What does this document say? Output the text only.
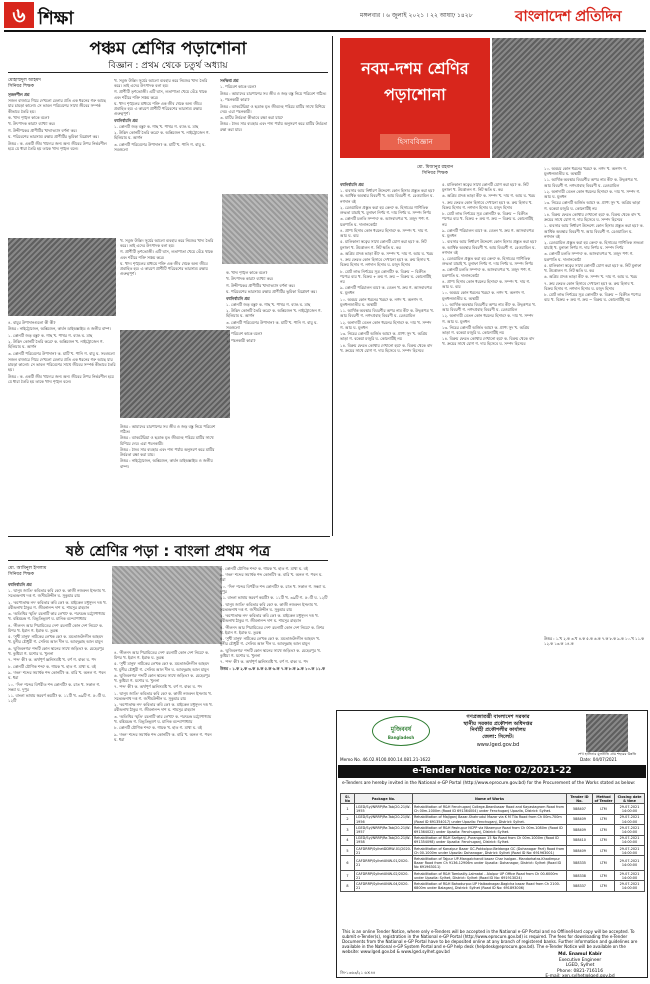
৬ শিক্ষা	মঙ্গলবার । ৬ জুলাই ২০২১ । ২২ আষাঢ় ১৪২৮	বাংলাদেশ প্রতিদিন
পঞ্চম শ্রেণির পড়াশোনা
বিজ্ঞান : প্রথম থেকে চতুর্থ অধ্যায়
মোহাম্মদুল আহমদ
সিনিয়র শিক্ষক

সৃজনশীল প্রশ্ন

সজল বাজারে গিয়ে দেখলো মেলার প্রতি এক ধরনের গরু আছে যার চামড়া কালো। সে ভাবল পরিবেশের সাথে জীবের সম্পর্ক কীভাবে তৈরি হয়।

ক. খাদ্য শৃঙ্খল কাকে বলে?

খ. উৎপাদক কারা? ব্যাখ্যা কর।

গ. উদ্দীপকের প্রাণীটির খাদ্যাভ্যাস বর্ণনা কর।

ঘ. পরিবেশের ভারসাম্য রক্ষায় প্রাণীটির ভূমিকা বিশ্লেষণ কর।

উত্তর : ক. একটি জীব খাদ্যের জন্য অন্য জীবের উপর নির্ভরশীল হয়ে যে ধারা তৈরি হয় তাকে খাদ্য শৃঙ্খল বলে।

খ. সবুজ উদ্ভিদ সূর্যের আলো ব্যবহার করে নিজের খাদ্য তৈরি করে। তাই এদের উৎপাদক বলা হয়।

গ. প্রাণীটি তৃণভোজী। এটি ঘাস, লতাপাতা খেয়ে বেঁচে থাকে এবং শরীরে শক্তি সঞ্চয় করে।

ঘ. খাদ্য শৃঙ্খলের মাধ্যমে শক্তি এক জীব থেকে অন্য জীবে প্রবাহিত হয়। এ কারণে প্রাণীটি পরিবেশের ভারসাম্য রক্ষায় গুরুত্বপূর্ণ।

বহুনির্বাচনি প্রশ্ন

১. কোনটি জড় বস্তু? ক. গাছ খ. পাথর গ. ব্যাঙ ঘ. মাছ

২. উদ্ভিদ কোনটি তৈরি করে? ক. অক্সিজেন খ. নাইট্রোজেন গ. হিলিয়াম ঘ. আর্গন

৩. কোনটি পরিবেশের উপাদান? ক. মাটি খ. পানি গ. বায়ু ঘ. সবগুলো

সংক্ষিপ্ত প্রশ্ন

১. পরিবেশ কাকে বলে?

উত্তর : আমাদের চারপাশের সব জীব ও জড় বস্তু নিয়ে পরিবেশ গঠিত।

২. পচনকারী কারা?

উত্তর : ব্যাকটেরিয়া ও ছত্রাক মৃত জীবদেহ পচিয়ে মাটির সাথে মিশিয়ে দেয়। এরা পচনকারী।

৩. মাটির উর্বরতা কীভাবে রক্ষা করা যায়?

উত্তর : জৈব সার ব্যবহার এবং শস্য পর্যায় অনুসরণ করে মাটির উর্বরতা রক্ষা করা যায়।

৪. বায়ুর উপাদানগুলো কী কী?

উত্তর : নাইট্রোজেন, অক্সিজেন, কার্বন ডাইঅক্সাইড ও জলীয় বাষ্প।

১. কোনটি জড় বস্তু? ক. গাছ খ. পাথর গ. ব্যাঙ ঘ. মাছ

২. উদ্ভিদ কোনটি তৈরি করে? ক. অক্সিজেন খ. নাইট্রোজেন গ. হিলিয়াম ঘ. আর্গন

৩. কোনটি পরিবেশের উপাদান? ক. মাটি খ. পানি গ. বায়ু ঘ. সবগুলো

সজল বাজারে গিয়ে দেখলো মেলার প্রতি এক ধরনের গরু আছে যার চামড়া কালো। সে ভাবল পরিবেশের সাথে জীবের সম্পর্ক কীভাবে তৈরি হয়।

উত্তর : ক. একটি জীব খাদ্যের জন্য অন্য জীবের উপর নির্ভরশীল হয়ে যে ধারা তৈরি হয় তাকে খাদ্য শৃঙ্খল বলে।

খ. সবুজ উদ্ভিদ সূর্যের আলো ব্যবহার করে নিজের খাদ্য তৈরি করে। তাই এদের উৎপাদক বলা হয়।

গ. প্রাণীটি তৃণভোজী। এটি ঘাস, লতাপাতা খেয়ে বেঁচে থাকে এবং শরীরে শক্তি সঞ্চয় করে।

ঘ. খাদ্য শৃঙ্খলের মাধ্যমে শক্তি এক জীব থেকে অন্য জীবে প্রবাহিত হয়। এ কারণে প্রাণীটি পরিবেশের ভারসাম্য রক্ষায় গুরুত্বপূর্ণ।

উত্তর : আমাদের চারপাশের সব জীব ও জড় বস্তু নিয়ে পরিবেশ গঠিত।

উত্তর : ব্যাকটেরিয়া ও ছত্রাক মৃত জীবদেহ পচিয়ে মাটির সাথে মিশিয়ে দেয়। এরা পচনকারী।

উত্তর : জৈব সার ব্যবহার এবং শস্য পর্যায় অনুসরণ করে মাটির উর্বরতা রক্ষা করা যায়।

উত্তর : নাইট্রোজেন, অক্সিজেন, কার্বন ডাইঅক্সাইড ও জলীয় বাষ্প।

ক. খাদ্য শৃঙ্খল কাকে বলে?

খ. উৎপাদক কারা? ব্যাখ্যা কর।

গ. উদ্দীপকের প্রাণীটির খাদ্যাভ্যাস বর্ণনা কর।

ঘ. পরিবেশের ভারসাম্য রক্ষায় প্রাণীটির ভূমিকা বিশ্লেষণ কর।

বহুনির্বাচনি প্রশ্ন

১. কোনটি জড় বস্তু? ক. গাছ খ. পাথর গ. ব্যাঙ ঘ. মাছ

২. উদ্ভিদ কোনটি তৈরি করে? ক. অক্সিজেন খ. নাইট্রোজেন গ. হিলিয়াম ঘ. আর্গন

৩. কোনটি পরিবেশের উপাদান? ক. মাটি খ. পানি গ. বায়ু ঘ. সবগুলো

১. পরিবেশ কাকে বলে?

২. পচনকারী কারা?

নবম-দশম শ্রেণির পড়াশোনা
হিসাববিজ্ঞান
মো. মিজানুর রহমান
সিনিয়র শিক্ষক

বহুনির্বাচনি প্রশ্ন

১. ব্যবসার আয় নির্ধারণ উদ্দেশ্যে কোন হিসাব প্রস্তুত করা হয়? ক. আর্থিক অবস্থার বিবরণী খ. আয় বিবরণী গ. রেওয়ামিল ঘ. নগদান বই

২. রেওয়ামিল প্রস্তুত করা হয় কেন? ক. হিসাবের গাণিতিক শুদ্ধতা যাচাই খ. মুনাফা নির্ণয় গ. দায় নির্ণয় ঘ. সম্পদ নির্ণয়

৩. কোনটি চলতি সম্পদ? ক. আসবাবপত্র খ. মজুদ পণ্য গ. যন্ত্রপাতি ঘ. দালানকোঠা

৪. প্রাপ্য হিসাব কোন ধরনের হিসাব? ক. সম্পদ খ. দায় গ. আয় ঘ. ব্যয়

৫. মালিকানা স্বত্বের সাথে কোনটি যোগ করা হয়? ক. নিট মুনাফা খ. উত্তোলন গ. নিট ক্ষতি ঘ. কর

৬. অগ্রিম প্রদত্ত ভাড়া কী? ক. সম্পদ খ. দায় গ. আয় ঘ. খরচ

৭. ক্রয় ফেরত কোন হিসাবে দেখানো হয়? ক. ক্রয় হিসাব খ. বিক্রয় হিসাব গ. নগদান হিসাব ঘ. মজুদ হিসাব

৮. মোট লাভ নির্ণয়ের সূত্র কোনটি? ক. বিক্রয় − বিক্রীত পণ্যের ব্যয় খ. বিক্রয় + ক্রয় গ. ক্রয় − বিক্রয় ঘ. কোনোটিই নয়

৯. কোনটি পরিচালন ব্যয়? ক. বেতন খ. ক্রয় গ. আসবাবপত্র ঘ. মূলধন

১০. অবচয় কোন ধরনের খরচ? ক. নগদ খ. অনগদ গ. মূলধনজাতীয় ঘ. অস্থায়ী

১১. আর্থিক অবস্থার বিবরণীর অপর নাম কী? ক. উদ্বৃত্তপত্র খ. আয় বিবরণী গ. নগদপ্রবাহ বিবরণী ঘ. রেওয়ামিল

১২. অনাদায়ী বেতন কোন ধরনের হিসাব? ক. দায় খ. সম্পদ গ. আয় ঘ. মূলধন

১৩. নিচের কোনটি অর্জিত আয়? ক. প্রাপ্য সুদ খ. অগ্রিম ভাড়া গ. বকেয়া মজুরি ঘ. কোনোটিই নয়

১৪. বিক্রয় ফেরত কোথায় দেখানো হয়? ক. বিক্রয় থেকে বাদ খ. ক্রয়ের সাথে যোগ গ. দায় হিসেবে ঘ. সম্পদ হিসেবে

৫. মালিকানা স্বত্বের সাথে কোনটি যোগ করা হয়? ক. নিট মুনাফা খ. উত্তোলন গ. নিট ক্ষতি ঘ. কর

৬. অগ্রিম প্রদত্ত ভাড়া কী? ক. সম্পদ খ. দায় গ. আয় ঘ. খরচ

৭. ক্রয় ফেরত কোন হিসাবে দেখানো হয়? ক. ক্রয় হিসাব খ. বিক্রয় হিসাব গ. নগদান হিসাব ঘ. মজুদ হিসাব

৮. মোট লাভ নির্ণয়ের সূত্র কোনটি? ক. বিক্রয় − বিক্রীত পণ্যের ব্যয় খ. বিক্রয় + ক্রয় গ. ক্রয় − বিক্রয় ঘ. কোনোটিই নয়

৯. কোনটি পরিচালন ব্যয়? ক. বেতন খ. ক্রয় গ. আসবাবপত্র ঘ. মূলধন

১. ব্যবসার আয় নির্ধারণ উদ্দেশ্যে কোন হিসাব প্রস্তুত করা হয়? ক. আর্থিক অবস্থার বিবরণী খ. আয় বিবরণী গ. রেওয়ামিল ঘ. নগদান বই

২. রেওয়ামিল প্রস্তুত করা হয় কেন? ক. হিসাবের গাণিতিক শুদ্ধতা যাচাই খ. মুনাফা নির্ণয় গ. দায় নির্ণয় ঘ. সম্পদ নির্ণয়

৩. কোনটি চলতি সম্পদ? ক. আসবাবপত্র খ. মজুদ পণ্য গ. যন্ত্রপাতি ঘ. দালানকোঠা

৪. প্রাপ্য হিসাব কোন ধরনের হিসাব? ক. সম্পদ খ. দায় গ. আয় ঘ. ব্যয়

১০. অবচয় কোন ধরনের খরচ? ক. নগদ খ. অনগদ গ. মূলধনজাতীয় ঘ. অস্থায়ী

১১. আর্থিক অবস্থার বিবরণীর অপর নাম কী? ক. উদ্বৃত্তপত্র খ. আয় বিবরণী গ. নগদপ্রবাহ বিবরণী ঘ. রেওয়ামিল

১২. অনাদায়ী বেতন কোন ধরনের হিসাব? ক. দায় খ. সম্পদ গ. আয় ঘ. মূলধন

১৩. নিচের কোনটি অর্জিত আয়? ক. প্রাপ্য সুদ খ. অগ্রিম ভাড়া গ. বকেয়া মজুরি ঘ. কোনোটিই নয়

১৪. বিক্রয় ফেরত কোথায় দেখানো হয়? ক. বিক্রয় থেকে বাদ খ. ক্রয়ের সাথে যোগ গ. দায় হিসেবে ঘ. সম্পদ হিসেবে

১০. অবচয় কোন ধরনের খরচ? ক. নগদ খ. অনগদ গ. মূলধনজাতীয় ঘ. অস্থায়ী

১১. আর্থিক অবস্থার বিবরণীর অপর নাম কী? ক. উদ্বৃত্তপত্র খ. আয় বিবরণী গ. নগদপ্রবাহ বিবরণী ঘ. রেওয়ামিল

১২. অনাদায়ী বেতন কোন ধরনের হিসাব? ক. দায় খ. সম্পদ গ. আয় ঘ. মূলধন

১৩. নিচের কোনটি অর্জিত আয়? ক. প্রাপ্য সুদ খ. অগ্রিম ভাড়া গ. বকেয়া মজুরি ঘ. কোনোটিই নয়

১৪. বিক্রয় ফেরত কোথায় দেখানো হয়? ক. বিক্রয় থেকে বাদ খ. ক্রয়ের সাথে যোগ গ. দায় হিসেবে ঘ. সম্পদ হিসেবে

১. ব্যবসার আয় নির্ধারণ উদ্দেশ্যে কোন হিসাব প্রস্তুত করা হয়? ক. আর্থিক অবস্থার বিবরণী খ. আয় বিবরণী গ. রেওয়ামিল ঘ. নগদান বই

২. রেওয়ামিল প্রস্তুত করা হয় কেন? ক. হিসাবের গাণিতিক শুদ্ধতা যাচাই খ. মুনাফা নির্ণয় গ. দায় নির্ণয় ঘ. সম্পদ নির্ণয়

৩. কোনটি চলতি সম্পদ? ক. আসবাবপত্র খ. মজুদ পণ্য গ. যন্ত্রপাতি ঘ. দালানকোঠা

৫. মালিকানা স্বত্বের সাথে কোনটি যোগ করা হয়? ক. নিট মুনাফা খ. উত্তোলন গ. নিট ক্ষতি ঘ. কর

৬. অগ্রিম প্রদত্ত ভাড়া কী? ক. সম্পদ খ. দায় গ. আয় ঘ. খরচ

৭. ক্রয় ফেরত কোন হিসাবে দেখানো হয়? ক. ক্রয় হিসাব খ. বিক্রয় হিসাব গ. নগদান হিসাব ঘ. মজুদ হিসাব

৮. মোট লাভ নির্ণয়ের সূত্র কোনটি? ক. বিক্রয় − বিক্রীত পণ্যের ব্যয় খ. বিক্রয় + ক্রয় গ. ক্রয় − বিক্রয় ঘ. কোনোটিই নয়

উত্তর : ১.খ ২.ক ৩.খ ৪.ক ৫.ক ৬.ক ৭.ক ৮.ক ৯.ক ১০.খ ১১.ক ১২.ক ১৩.ক ১৪.ক
ষষ্ঠ শ্রেণির পড়া : বাংলা প্রথম পত্র
মো. আমিনুল ইসলাম
সিনিয়র শিক্ষক

বহুনির্বাচনি প্রশ্ন

১. 'মানুষ জাতি' কবিতার কবি কে? ক. কাজী নজরুল ইসলাম খ. সত্যেন্দ্রনাথ দত্ত গ. জসীমউদ্দীন ঘ. সুকুমার রায়

২. 'কপোতাক্ষ নদ' কবিতার কবি কে? ক. মাইকেল মধুসূদন দত্ত খ. রবীন্দ্রনাথ ঠাকুর গ. জীবনানন্দ দাশ ঘ. শামসুর রাহমান

৩. 'অতিথির স্মৃতি' রচনাটি কার লেখা? ক. শরৎচন্দ্র চট্টোপাধ্যায় খ. বঙ্কিমচন্দ্র গ. বিভূতিভূষণ ঘ. মানিক বন্দ্যোপাধ্যায়

৪. 'নীলনদ আর পিরামিডের দেশ' রচনাটি কোন দেশ নিয়ে? ক. মিশর খ. ইরান গ. ইরাক ঘ. তুরস্ক

৫. 'সুখী মানুষ' নাটকের লেখক কে? ক. মমতাজউদদীন আহমদ খ. মুনীর চৌধুরী গ. সেলিম আল দীন ঘ. আবদুল্লাহ আল মামুন

৬. 'মুজিবনগর' শব্দটি কোন স্থানের সাথে জড়িত? ক. মেহেরপুর খ. কুষ্টিয়া গ. যশোর ঘ. খুলনা

৭. 'শব্দ' কী? ক. অর্থপূর্ণ ধ্বনিসমষ্টি খ. বর্ণ গ. বাক্য ঘ. পদ

৮. কোনটি যৌগিক শব্দ? ক. গায়ক খ. হাত গ. মাথা ঘ. বই

৯. 'জল' শব্দের সমার্থক শব্দ কোনটি? ক. বারি খ. অনল গ. পবন ঘ. ধরা

১০. 'দিন' শব্দের বিপরীত শব্দ কোনটি? ক. রাত খ. সকাল গ. সন্ধ্যা ঘ. দুপুর

১১. বাংলা ভাষায় স্বরবর্ণ কয়টি? ক. ১১টি খ. ৩৯টি গ. ৫০টি ঘ. ১২টি

৪. 'নীলনদ আর পিরামিডের দেশ' রচনাটি কোন দেশ নিয়ে? ক. মিশর খ. ইরান গ. ইরাক ঘ. তুরস্ক

৫. 'সুখী মানুষ' নাটকের লেখক কে? ক. মমতাজউদদীন আহমদ খ. মুনীর চৌধুরী গ. সেলিম আল দীন ঘ. আবদুল্লাহ আল মামুন

৬. 'মুজিবনগর' শব্দটি কোন স্থানের সাথে জড়িত? ক. মেহেরপুর খ. কুষ্টিয়া গ. যশোর ঘ. খুলনা

৭. 'শব্দ' কী? ক. অর্থপূর্ণ ধ্বনিসমষ্টি খ. বর্ণ গ. বাক্য ঘ. পদ

১. 'মানুষ জাতি' কবিতার কবি কে? ক. কাজী নজরুল ইসলাম খ. সত্যেন্দ্রনাথ দত্ত গ. জসীমউদ্দীন ঘ. সুকুমার রায়

২. 'কপোতাক্ষ নদ' কবিতার কবি কে? ক. মাইকেল মধুসূদন দত্ত খ. রবীন্দ্রনাথ ঠাকুর গ. জীবনানন্দ দাশ ঘ. শামসুর রাহমান

৩. 'অতিথির স্মৃতি' রচনাটি কার লেখা? ক. শরৎচন্দ্র চট্টোপাধ্যায় খ. বঙ্কিমচন্দ্র গ. বিভূতিভূষণ ঘ. মানিক বন্দ্যোপাধ্যায়

৮. কোনটি যৌগিক শব্দ? ক. গায়ক খ. হাত গ. মাথা ঘ. বই

৯. 'জল' শব্দের সমার্থক শব্দ কোনটি? ক. বারি খ. অনল গ. পবন ঘ. ধরা

৮. কোনটি যৌগিক শব্দ? ক. গায়ক খ. হাত গ. মাথা ঘ. বই

৯. 'জল' শব্দের সমার্থক শব্দ কোনটি? ক. বারি খ. অনল গ. পবন ঘ. ধরা

১০. 'দিন' শব্দের বিপরীত শব্দ কোনটি? ক. রাত খ. সকাল গ. সন্ধ্যা ঘ. দুপুর

১১. বাংলা ভাষায় স্বরবর্ণ কয়টি? ক. ১১টি খ. ৩৯টি গ. ৫০টি ঘ. ১২টি

১. 'মানুষ জাতি' কবিতার কবি কে? ক. কাজী নজরুল ইসলাম খ. সত্যেন্দ্রনাথ দত্ত গ. জসীমউদ্দীন ঘ. সুকুমার রায়

২. 'কপোতাক্ষ নদ' কবিতার কবি কে? ক. মাইকেল মধুসূদন দত্ত খ. রবীন্দ্রনাথ ঠাকুর গ. জীবনানন্দ দাশ ঘ. শামসুর রাহমান

৪. 'নীলনদ আর পিরামিডের দেশ' রচনাটি কোন দেশ নিয়ে? ক. মিশর খ. ইরান গ. ইরাক ঘ. তুরস্ক

৫. 'সুখী মানুষ' নাটকের লেখক কে? ক. মমতাজউদদীন আহমদ খ. মুনীর চৌধুরী গ. সেলিম আল দীন ঘ. আবদুল্লাহ আল মামুন

৬. 'মুজিবনগর' শব্দটি কোন স্থানের সাথে জড়িত? ক. মেহেরপুর খ. কুষ্টিয়া গ. যশোর ঘ. খুলনা

৭. 'শব্দ' কী? ক. অর্থপূর্ণ ধ্বনিসমষ্টি খ. বর্ণ গ. বাক্য ঘ. পদ

উত্তর : ১.ক ২.ক ৩.ক ৪.ক ৫.ক ৬.ক ৭.ক ৮.ক ৯.ক ১০.ক ১১.ক

মুজিববর্ষ
Bangladesh
গণপ্রজাতন্ত্রী বাংলাদেশ সরকার
স্থানীয় সরকার প্রকৌশল অধিদপ্তর
নির্বাহী প্রকৌশলীর কার্যালয়
জেলা: সিলেট।
www.lged.gov.bd
শেখ হাসিনার মূলনীতি গ্রাম শহরের উন্নতি
Memo No. 46.02.9100.000.14.081.21-1622	Date: 04/07/2021
e-Tender Notice No: 02/2021-22
e-Tenders are hereby invited in the National e-GP Portal (http://www.eprocure.gov.bd) for the Procurement of the Works stated as below:
Sl. No	Package No.	Name of Works	Tender ID No.	Method of Tender	Closing date & time
1	LGED/Syl/NRRP/Re-Tab/20-21/W-1955	Rehabilitation of R&H Fenchuganj College-Beanibazar Road and Kayastagram Road from Ch 00m-1000m (Road ID 691364004) under Fenchuganj Upazila, District: Sylhet.	588407	LTM	29-07-2021 14:00:00
2	LGED/Syl/NRRP/Re-Tab/20-21/W-1956	Rehabilitation of Majiganj Bazar-Shahrudul Mazar via K M Tila Road from Ch 00m-700m (Road ID 691354017) under Upazila: Fenchuganj, District: Sylhet.	588409	LTM	29-07-2021 14:00:00
3	LGED/Syl/NRRP/Re-Tab/20-21/W-1957	Rehabilitation of R&H Pashupur NCPP via Ntzampur Road from Ch 00m-1080m (Road ID 691364022) under Upazila: Fenchuganj, District: Sylhet.	588409	LTM	29-07-2021 14:00:00
4	LGED/Syl/NRRP/Re-Tab/20-21/W-1958	Rehabilitation of R&H Sarfganj -Purangaon 15 No Road from Ch 00m-1000m (Road ID 691354098) under Upazila: Fenchuganj, District: Sylhet.	588410	LTM	29-07-2021 14:00:00
5	CAFDRRP/SylhetDDRW-01/2020-21	Rehabilitation of Kanaipur Bazar GC-Pokkolpur-Beldanga GC (Dohanagar Part) Road from Ch 00-1000m under Upazila: Dohanagar, District: Sylhet (Road ID No: 691963001)	588409	LTM	29-07-2021 14:00:00
6	CAFDRRP/SylhetUNW-01/2020-21	Rehabilitation of Tajpur UP-Mangalchandi bazar Char Isalgan- Mandarkatra-Khadimpur Bazar Road from Ch 9136-12906m under Upazila: Dohanagar, District: Sylhet (Road ID No 691963011)	588335	LTM	29-07-2021 14:00:00
7	CAFDRRP/SylhetUNW-02/2020-21	Rehabilitation of R&H Tambaiily-Lalmatai - Alalpur UP Office Road from Ch 00-6000m under Upazila: Sylhet, District: Sylhet (Road ID No: 691913024)	588338	LTM	29-07-2021 14:00:00
8	CAFDRRP/SylhetUNW-04/2020-21	Rehabilitation of R&H Bahadurpur-UP Haibadnagar-Bagicha bazar Road from Ch 2100-6800m under Balaganj, District: Sylhet (Road ID No: 691893006)	588337	LTM	29-07-2021 14:00:00
This is an online Tender Notice, where only e-Tenders will be accepted in the National e-GP Portal and no Offline/Hard copy will be accepted. To submit e-Tender(s), registration in the National e-GP Portal (http://www.eprocure.gov.bd) is required. The fees for downloading the e-Tender Documents from the National e-GP Portal have to be deposited online at any branch of registered banks. Further information and guidelines are available in the National e-GP System Portal and e-GP help desk (helpdesk@eprocure.gov.bd). The e-Tender Notice will be available on the website: www.lged.gov.bd & www.lged.sylhet.gov.bd
Md. Enamul Kabir
Executive Engineer
LGED, Sylhet
Phone: 0821-716116
E-mail: xen.sylhet@lged.gov.bd
জি-১৩৬৩/২১ ৬×৪৪
